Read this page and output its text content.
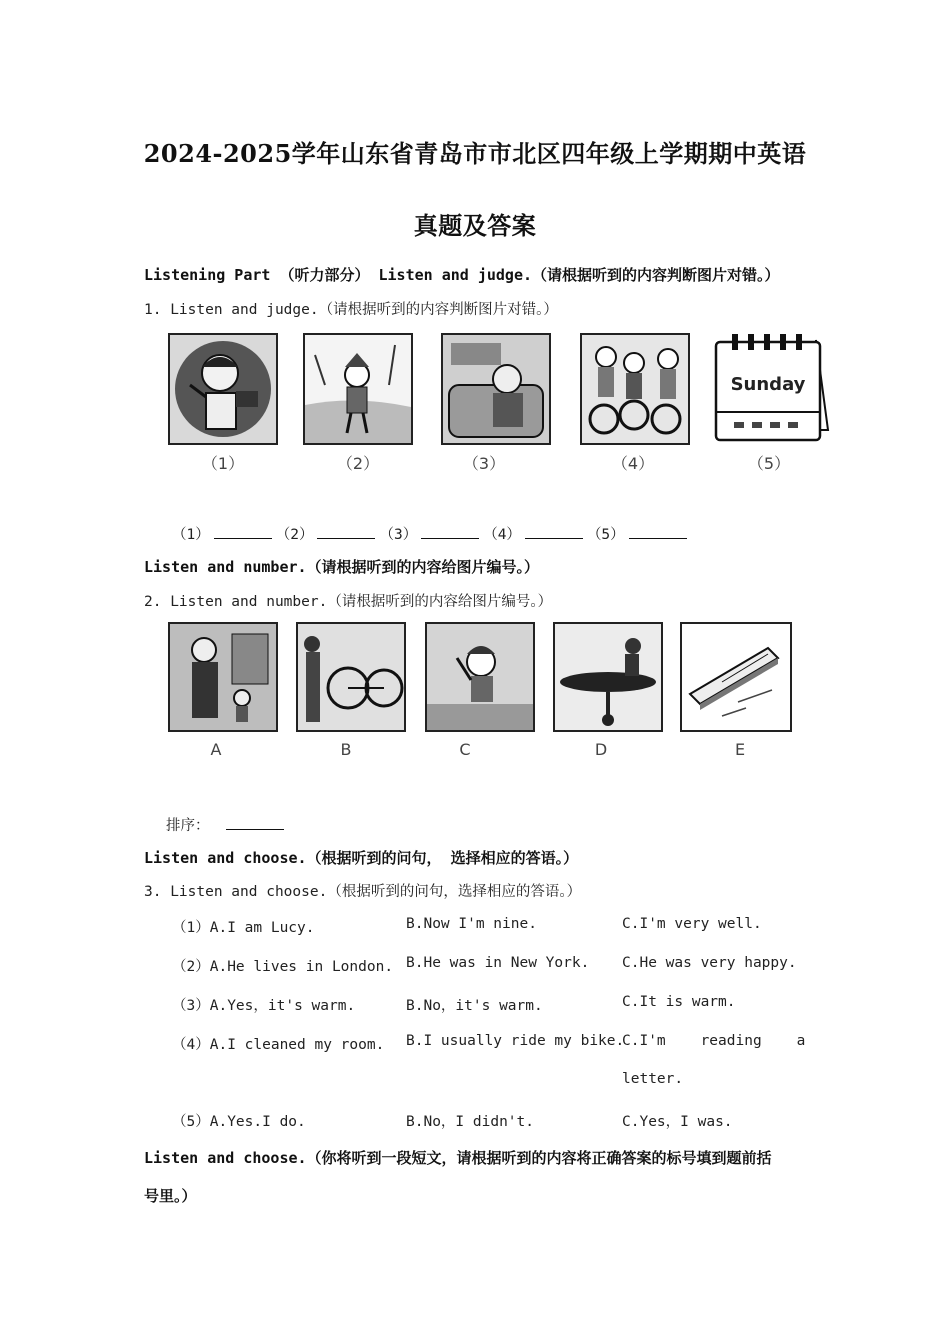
2024-2025学年山东省青岛市市北区四年级上学期期中英语
真题及答案
Listening Part （听力部分） Listen and judge.（请根据听到的内容判断图片对错。）
1. Listen and judge.（请根据听到的内容判断图片对错。）
（1）	（2）	（3）	（4）
Sunday
（5）
（1）	（2）	（3）	（4）	（5）
Listen and number.（请根据听到的内容给图片编号。）
2. Listen and number.（请根据听到的内容给图片编号。）
A	B	C	D	E
排序：
Listen and choose.（根据听到的问句， 选择相应的答语。）
3. Listen and choose.（根据听到的问句，选择相应的答语。）
（1）A.I am Lucy.	B.Now I'm nine.	C.I'm very well.
（2）A.He lives in London. B.He was in New York. C.He was very happy.
（3）A.Yes，it's warm.	B.No，it's warm.	C.It is warm.
（4）A.I cleaned my room. B.I usually ride my bike.
C.I'm    reading    a
letter.
（5）A.Yes.I do.	B.No，I didn't.	C.Yes，I was.
Listen and choose.（你将听到一段短文，请根据听到的内容将正确答案的标号填到题前括
号里。）
